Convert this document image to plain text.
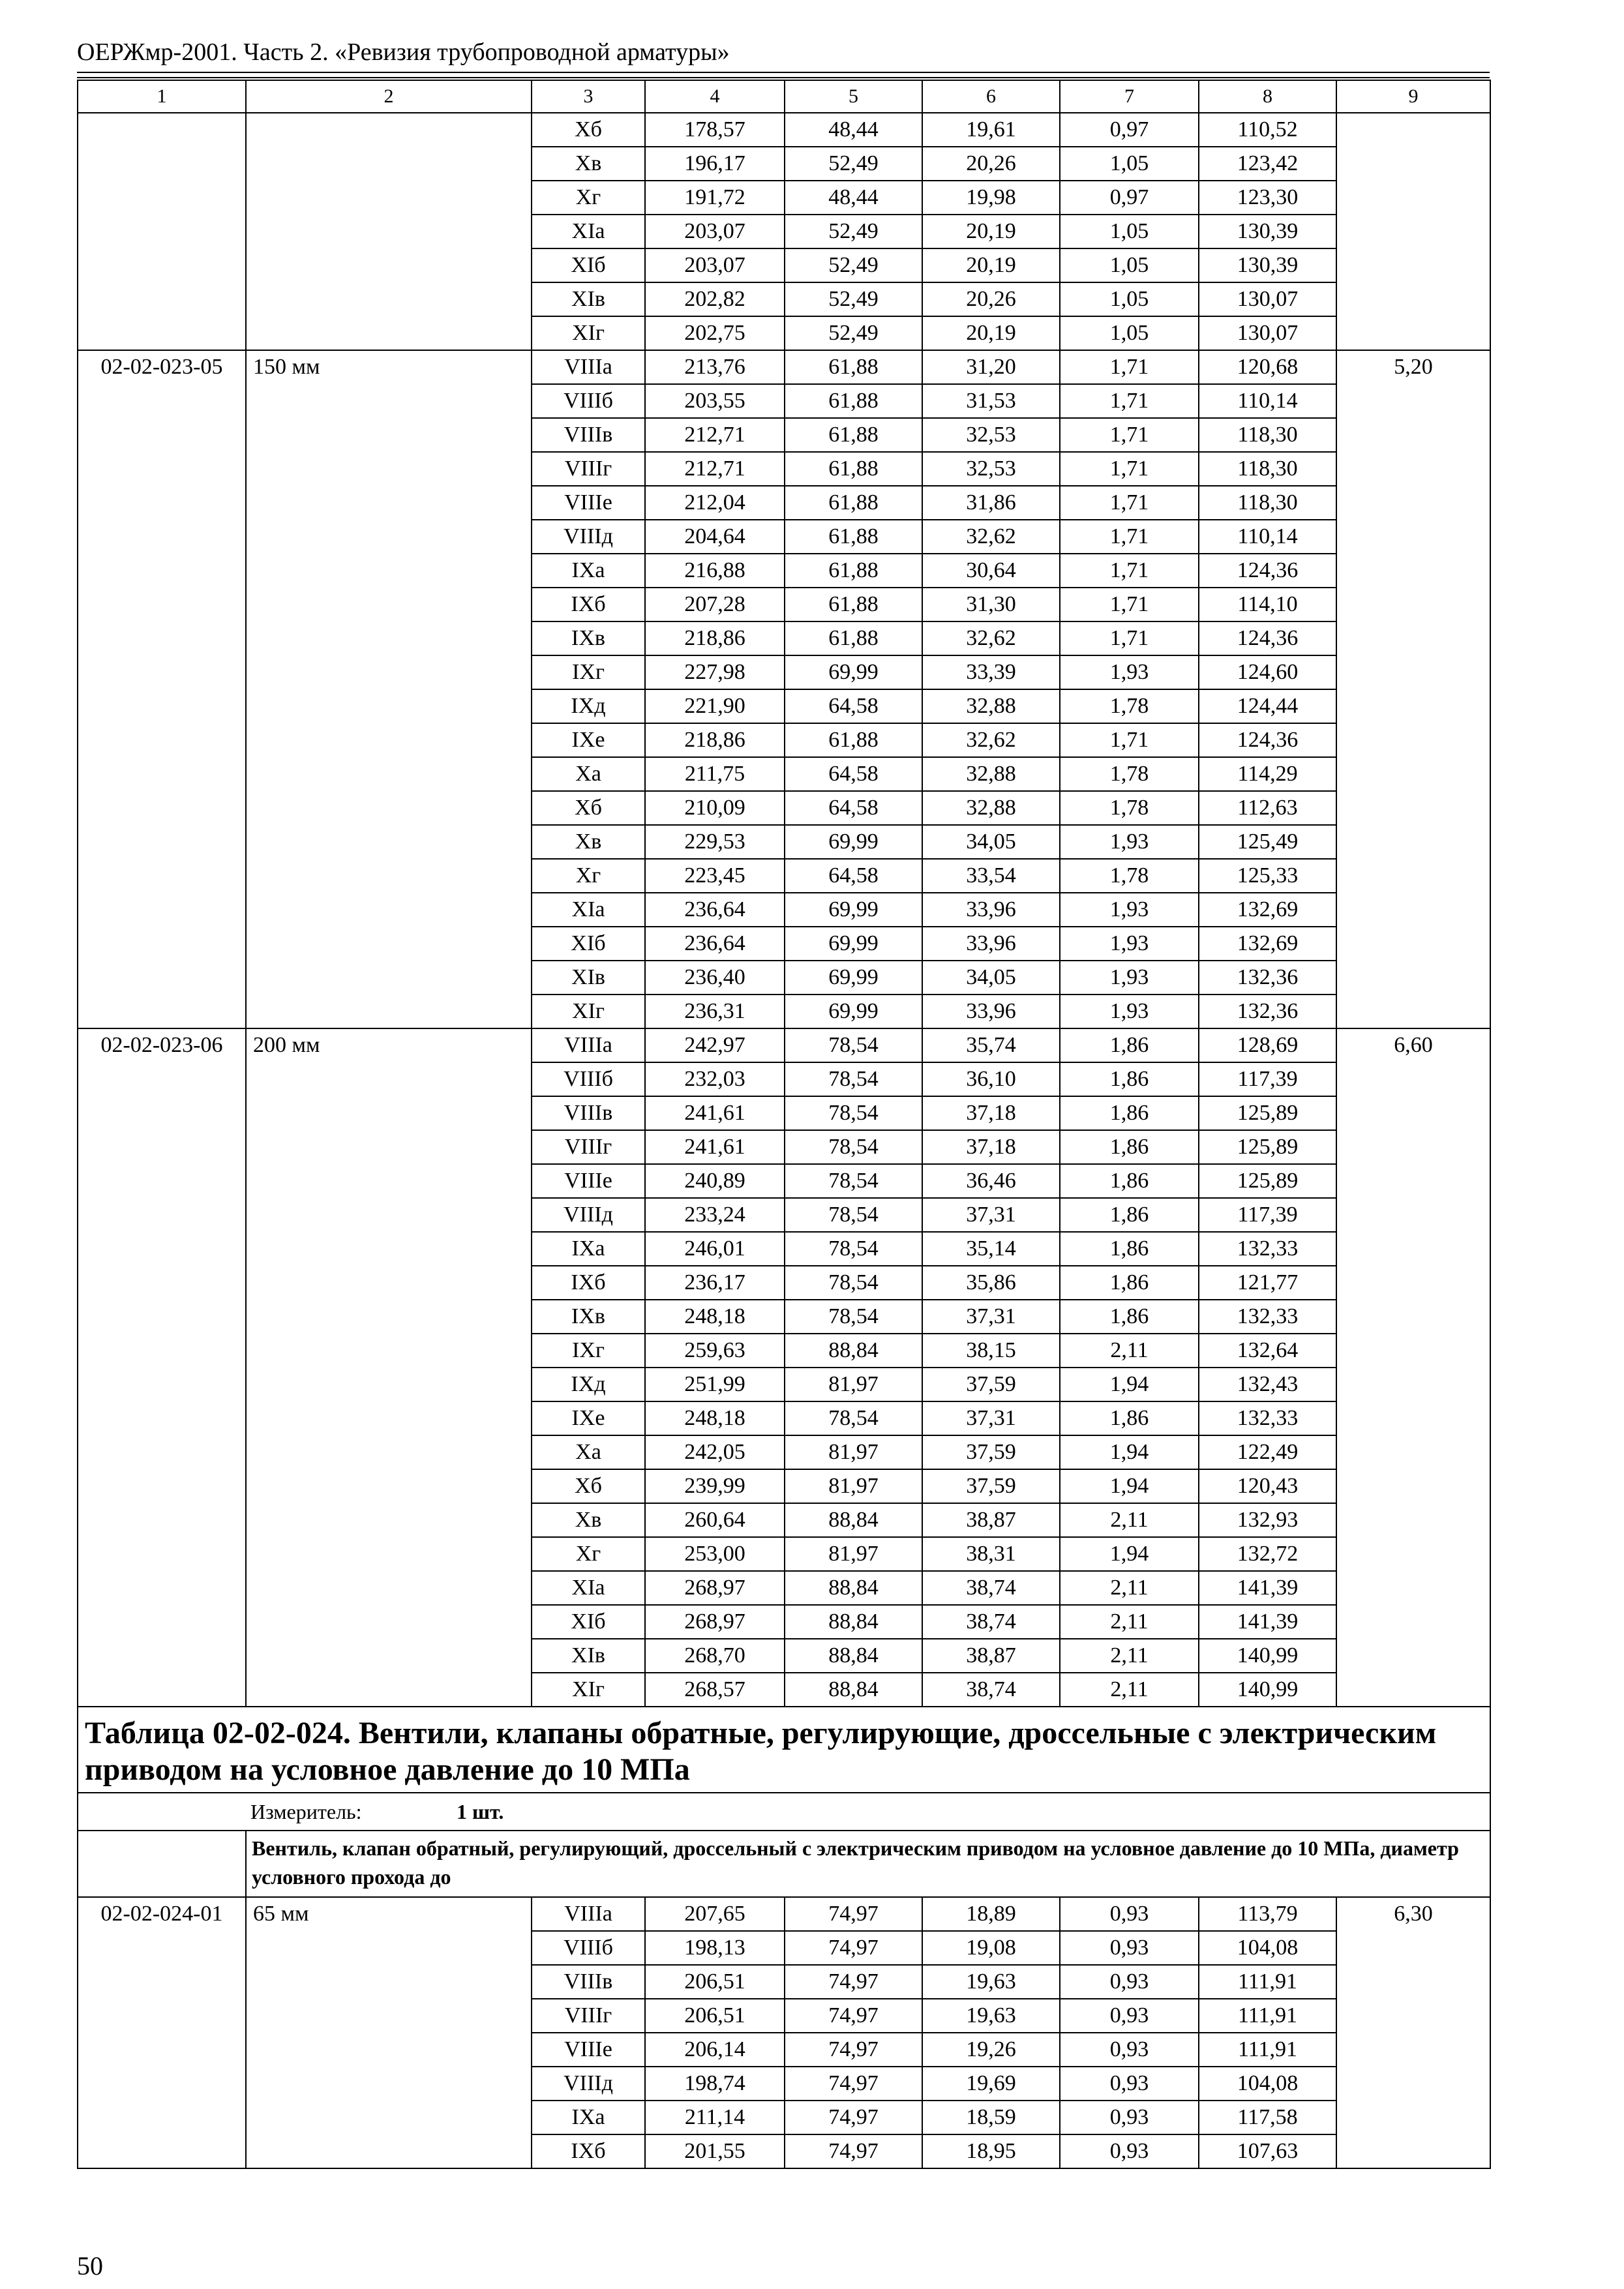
ОЕРЖмр-2001. Часть 2. «Ревизия трубопроводной арматуры»
1	2	3	4	5	6	7	8	9
		Xб	178,57	48,44	19,61	0,97	110,52	
		Xв	196,17	52,49	20,26	1,05	123,42	
		Xг	191,72	48,44	19,98	0,97	123,30	
		XIa	203,07	52,49	20,19	1,05	130,39	
		XIб	203,07	52,49	20,19	1,05	130,39	
		XIв	202,82	52,49	20,26	1,05	130,07	
		XIг	202,75	52,49	20,19	1,05	130,07	
02-02-023-05	150 мм	VIIIa	213,76	61,88	31,20	1,71	120,68	5,20
		VIIIб	203,55	61,88	31,53	1,71	110,14	
		VIIIв	212,71	61,88	32,53	1,71	118,30	
		VIIIг	212,71	61,88	32,53	1,71	118,30	
		VIIIe	212,04	61,88	31,86	1,71	118,30	
		VIIIд	204,64	61,88	32,62	1,71	110,14	
		IXa	216,88	61,88	30,64	1,71	124,36	
		IXб	207,28	61,88	31,30	1,71	114,10	
		IXв	218,86	61,88	32,62	1,71	124,36	
		IXг	227,98	69,99	33,39	1,93	124,60	
		IXд	221,90	64,58	32,88	1,78	124,44	
		IXe	218,86	61,88	32,62	1,71	124,36	
		Xa	211,75	64,58	32,88	1,78	114,29	
		Xб	210,09	64,58	32,88	1,78	112,63	
		Xв	229,53	69,99	34,05	1,93	125,49	
		Xг	223,45	64,58	33,54	1,78	125,33	
		XIa	236,64	69,99	33,96	1,93	132,69	
		XIб	236,64	69,99	33,96	1,93	132,69	
		XIв	236,40	69,99	34,05	1,93	132,36	
		XIг	236,31	69,99	33,96	1,93	132,36	
02-02-023-06	200 мм	VIIIa	242,97	78,54	35,74	1,86	128,69	6,60
		VIIIб	232,03	78,54	36,10	1,86	117,39	
		VIIIв	241,61	78,54	37,18	1,86	125,89	
		VIIIг	241,61	78,54	37,18	1,86	125,89	
		VIIIe	240,89	78,54	36,46	1,86	125,89	
		VIIIд	233,24	78,54	37,31	1,86	117,39	
		IXa	246,01	78,54	35,14	1,86	132,33	
		IXб	236,17	78,54	35,86	1,86	121,77	
		IXв	248,18	78,54	37,31	1,86	132,33	
		IXг	259,63	88,84	38,15	2,11	132,64	
		IXд	251,99	81,97	37,59	1,94	132,43	
		IXe	248,18	78,54	37,31	1,86	132,33	
		Xa	242,05	81,97	37,59	1,94	122,49	
		Xб	239,99	81,97	37,59	1,94	120,43	
		Xв	260,64	88,84	38,87	2,11	132,93	
		Xг	253,00	81,97	38,31	1,94	132,72	
		XIa	268,97	88,84	38,74	2,11	141,39	
		XIб	268,97	88,84	38,74	2,11	141,39	
		XIв	268,70	88,84	38,87	2,11	140,99	
		XIг	268,57	88,84	38,74	2,11	140,99	
Таблица 02-02-024. Вентили, клапаны обратные, регулирующие, дроссельные с электрическим приводом на условное давление до 10 МПа								
Измеритель: 1 шт.								
	Вентиль, клапан обратный, регулирующий, дроссельный с электрическим приводом на условное давление до 10 МПа, диаметр условного прохода до							
02-02-024-01	65 мм	VIIIa	207,65	74,97	18,89	0,93	113,79	6,30
		VIIIб	198,13	74,97	19,08	0,93	104,08	
		VIIIв	206,51	74,97	19,63	0,93	111,91	
		VIIIг	206,51	74,97	19,63	0,93	111,91	
		VIIIe	206,14	74,97	19,26	0,93	111,91	
		VIIIд	198,74	74,97	19,69	0,93	104,08	
		IXa	211,14	74,97	18,59	0,93	117,58	
		IXб	201,55	74,97	18,95	0,93	107,63	
50
